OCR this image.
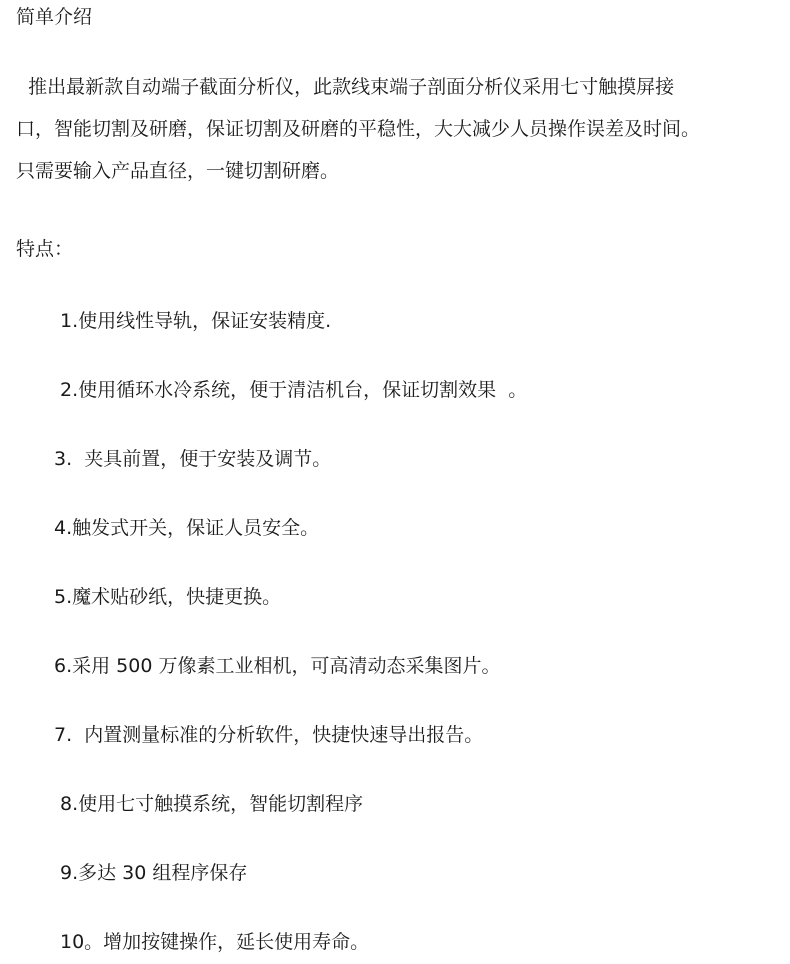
简单介绍
推出最新款自动端子截面分析仪，此款线束端子剖面分析仪采用七寸触摸屏接
口，智能切割及研磨，保证切割及研磨的平稳性，大大减少人员操作误差及时间。
只需要输入产品直径，一键切割研磨。
特点：
1.使用线性导轨，保证安装精度.
2.使用循环水冷系统，便于清洁机台，保证切割效果  。
3.  夹具前置，便于安装及调节。
4.触发式开关，保证人员安全。
5.魔术贴砂纸，快捷更换。
6.采用 500 万像素工业相机，可高清动态采集图片。
7.  内置测量标准的分析软件，快捷快速导出报告。
8.使用七寸触摸系统，智能切割程序
9.多达 30 组程序保存
10。增加按键操作，延长使用寿命。
